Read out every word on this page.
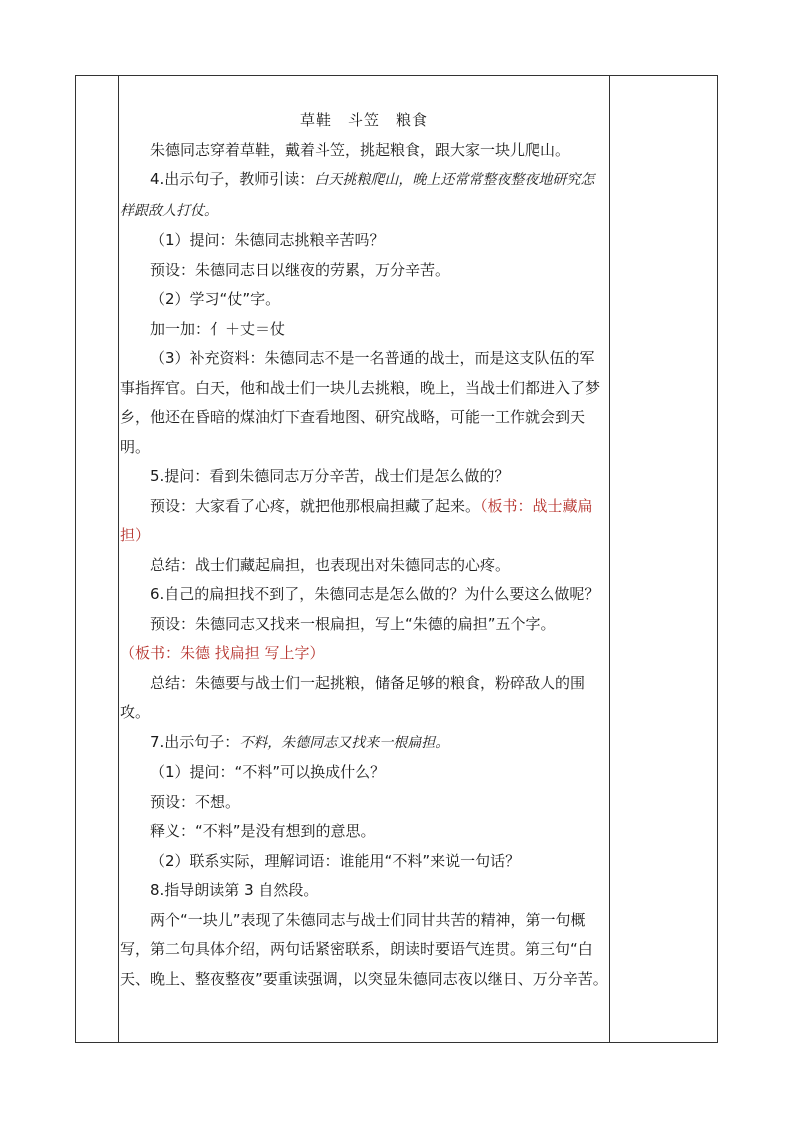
草鞋　斗笠　粮食

朱德同志穿着草鞋，戴着斗笠，挑起粮食，跟大家一块儿爬山。

4.出示句子，教师引读：白天挑粮爬山，晚上还常常整夜整夜地研究怎样跟敌人打仗。

（1）提问：朱德同志挑粮辛苦吗？

预设：朱德同志日以继夜的劳累，万分辛苦。

（2）学习“仗”字。

加一加：亻＋丈＝仗

（3）补充资料：朱德同志不是一名普通的战士，而是这支队伍的军事指挥官。白天，他和战士们一块儿去挑粮，晚上，当战士们都进入了梦乡，他还在昏暗的煤油灯下查看地图、研究战略，可能一工作就会到天明。

5.提问：看到朱德同志万分辛苦，战士们是怎么做的？

预设：大家看了心疼，就把他那根扁担藏了起来。（板书：战士藏扁担）

总结：战士们藏起扁担，也表现出对朱德同志的心疼。

6.自己的扁担找不到了，朱德同志是怎么做的？为什么要这么做呢？

预设：朱德同志又找来一根扁担，写上“朱德的扁担”五个字。

（板书：朱德 找扁担 写上字）

总结：朱德要与战士们一起挑粮，储备足够的粮食，粉碎敌人的围攻。

7.出示句子：不料，朱德同志又找来一根扁担。

（1）提问：“不料”可以换成什么？

预设：不想。

释义：“不料”是没有想到的意思。

（2）联系实际，理解词语：谁能用“不料”来说一句话？

8.指导朗读第 3 自然段。

两个“一块儿”表现了朱德同志与战士们同甘共苦的精神，第一句概写，第二句具体介绍，两句话紧密联系，朗读时要语气连贯。第三句“白天、晚上、整夜整夜”要重读强调，以突显朱德同志夜以继日、万分辛苦。
